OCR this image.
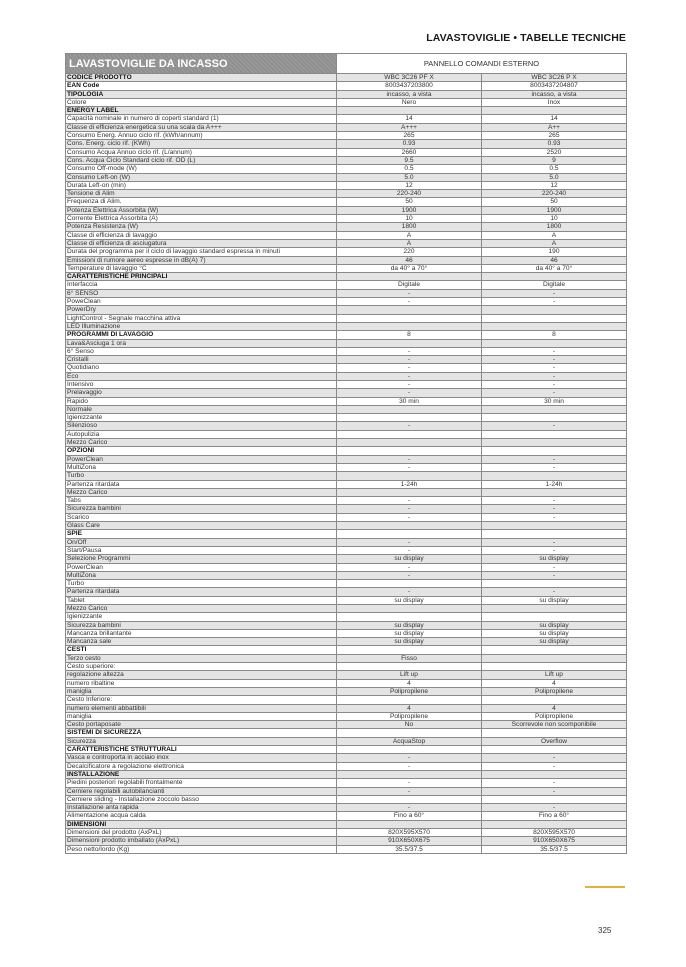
LAVASTOVIGLIE • TABELLE TECNICHE
LAVASTOVIGLIE DA INCASSO	PANNELLO COMANDI ESTERNO	
CODICE PRODOTTO	WBC 3C26 PF X	WBC 3C26 P X
EAN Code	8003437203800	8003437204807
TIPOLOGIA	incasso, a vista	incasso, a vista
Colore	Nero	Inox
ENERGY LABEL		
Capacità nominale in numero di coperti standard (1)	14	14
Classe di efficienza energetica su una scala da A+++	A+++	A++
Consumo Energ. Annuo ciclo rif. (kWh/annum)	265	265
Cons. Energ. ciclo rif. (KWh)	0.93	0.93
Consumo Acqua Annuo ciclo rif. (L/annum)	2660	2520
Cons. Acqua Ciclo Standard ciclo rif. OD (L)	9.5	9
Consumo Off-mode (W)	0.5	0.5
Consumo Left-on (W)	5.0	5.0
Durata Left-on (min)	12	12
Tensione di Alim	220-240	220-240
Frequenza di Alim.	50	50
Potenza Elettrica Assorbita (W)	1900	1900
Corrente Elettrica Assorbita (A)	10	10
Potenza Resistenza (W)	1800	1800
Classe di efficienza di lavaggio	A	A
Classe di efficienza di asciugatura	A	A
Durata del programma per il ciclo di lavaggio standard espressa in minuti	220	190
Emissioni di rumore aereo espresse in dB(A) 7)	46	46
Temperature di lavaggio °C	da 40° a 70°	da 40° a 70°
CARATTERISTICHE PRINCIPALI		
Interfaccia	Digitale	Digitale
6° SENSO	-	-
PoweClean	-	-
PowerDry		
LightControl - Segnale macchina attiva		
LED Illuminazione		
PROGRAMMI DI LAVAGGIO	8	8
Lava&Asciuga 1 ora		
6° Senso	-	-
Cristalli	-	-
Quotidiano	-	-
Eco	-	-
Intensivo	-	-
Prelavaggio	-	-
Rapido	30 min	30 min
Normale		
Igienizzante		
Silenzioso	-	-
Autopulizia		
Mezzo Carico		
OPZIONI		
PowerClean	-	-
MultiZona	-	-
Turbo		
Partenza ritardata	1-24h	1-24h
Mezzo Carico		
Tabs	-	-
Sicurezza bambini	-	-
Scarico	-	-
Glass Care		
SPIE		
On/Off	-	-
Start/Pausa	-	-
Selezione Programmi	su display	su display
PowerClean	-	-
MultiZona	-	-
Turbo		
Partenza ritardata	-	-
Tablet	su display	su display
Mezzo Carico		
Igienizzante		
Sicurezza bambini	su display	su display
Mancanza brillantante	su display	su display
Mancanza sale	su display	su display
CESTI		
Terzo cesto	Fisso	
Cesto superiore:		
regolazione altezza	Lift up	Lift up
numero ribaltine	4	4
maniglia	Polipropilene	Polipropilene
Cesto Inferiore:		
numero elementi abbattibili	4	4
maniglia	Polipropilene	Polipropilene
Cesto portaposate	No	Scorrevole non scomponibile
SISTEMI DI SICUREZZA		
Sicurezza	AcquaStop	Overflow
CARATTERISTICHE STRUTTURALI		
Vasca e controporta in acciaio inox	-	-
Decalcificatore a regolazione elettronica	-	-
INSTALLAZIONE		
Piedini posteriori regolabili frontalmente	-	-
Cerniere regolabili autobilancianti	-	-
Cerniere sliding - Installazione zoccolo basso		
Installazione anta rapida	-	-
Alimentazione acqua calda	Fino a 60°	Fino a 60°
DIMENSIONI		
Dimensioni del prodotto (AxPxL)	820X595X570	820X595X570
Dimensioni prodotto imballato (AxPxL)	910X650X675	910X650X675
Peso netto/lordo (Kg)	35.5/37.5	35.5/37.5
325
